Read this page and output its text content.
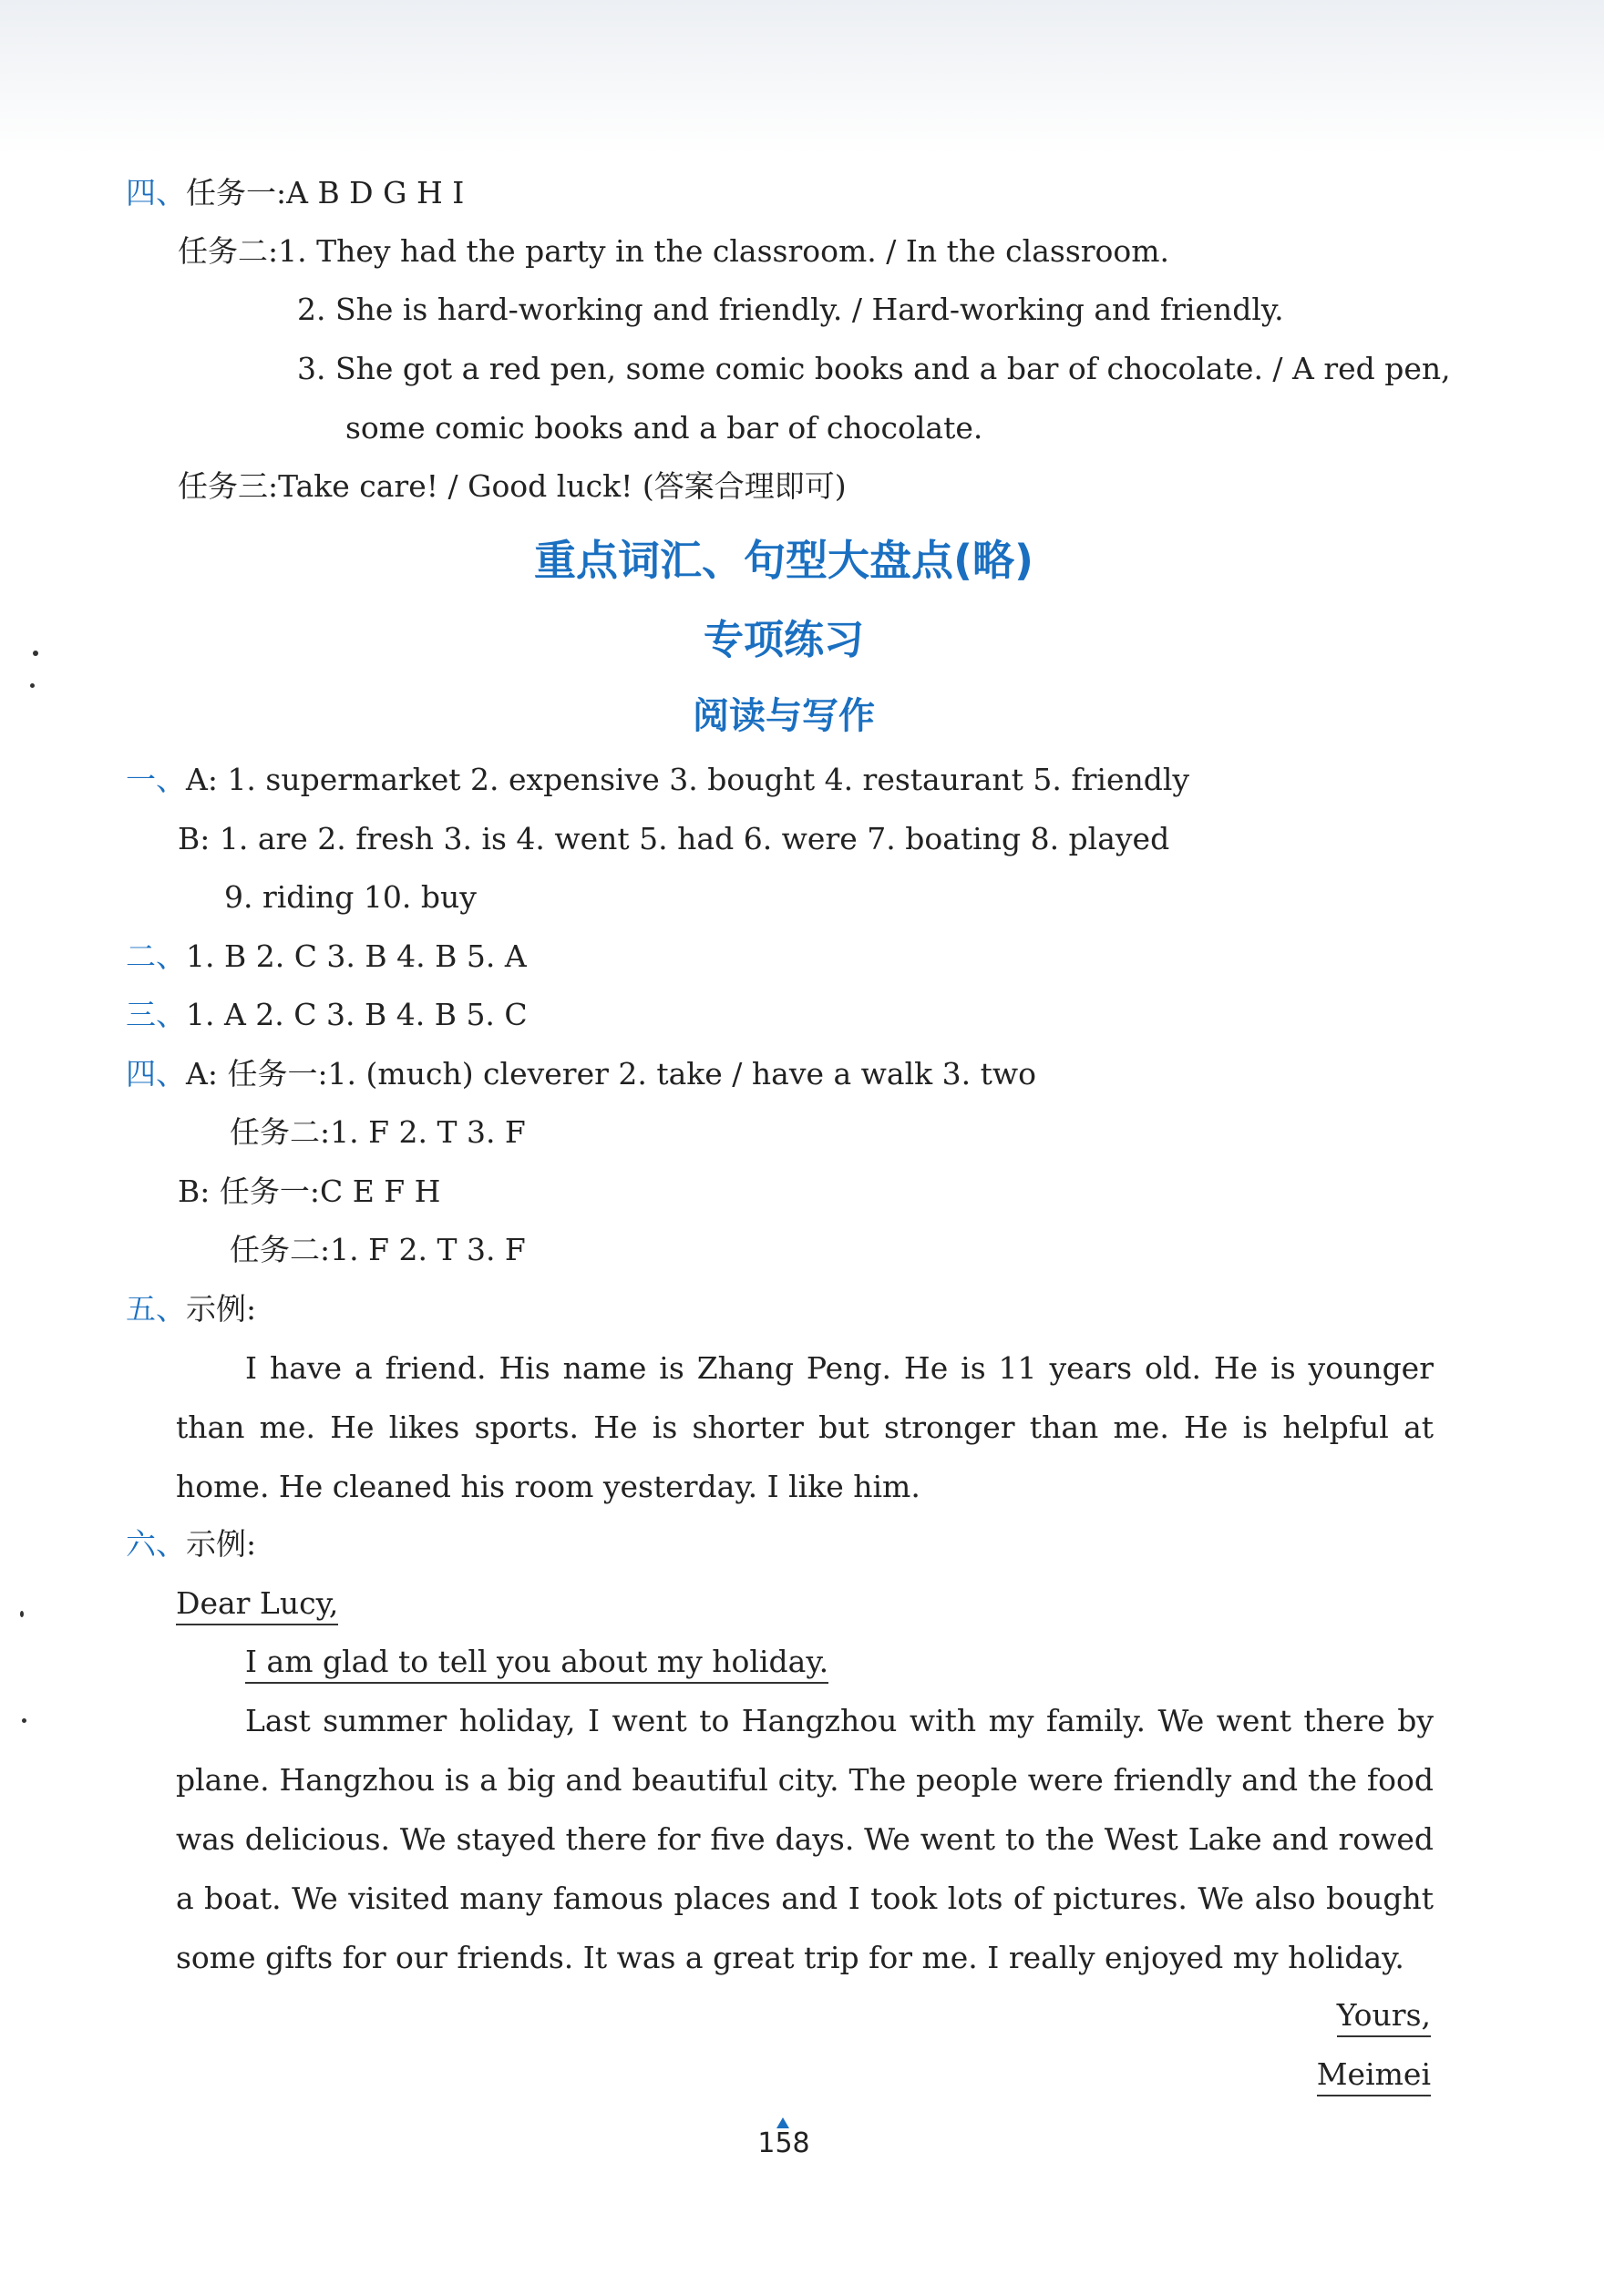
四、任务一:A B D G H I
任务二:1. They had the party in the classroom. / In the classroom.
2. She is hard-working and friendly. / Hard-working and friendly.
3. She got a red pen, some comic books and a bar of chocolate. / A red pen,
some comic books and a bar of chocolate.
任务三:Take care! / Good luck! (答案合理即可)
重点词汇、句型大盘点(略)
专项练习
阅读与写作
一、A: 1. supermarket 2. expensive 3. bought 4. restaurant 5. friendly
B: 1. are 2. fresh 3. is 4. went 5. had 6. were 7. boating 8. played
9. riding 10. buy
二、1. B 2. C 3. B 4. B 5. A
三、1. A 2. C 3. B 4. B 5. C
四、A: 任务一:1. (much) cleverer 2. take / have a walk 3. two
任务二:1. F 2. T 3. F
B: 任务一:C E F H
任务二:1. F 2. T 3. F
五、示例:
I have a friend. His name is Zhang Peng. He is 11 years old. He is younger than me. He likes sports. He is shorter but stronger than me. He is helpful at home. He cleaned his room yesterday. I like him.
六、示例:
Dear Lucy,
I am glad to tell you about my holiday.
Last summer holiday, I went to Hangzhou with my family. We went there by plane. Hangzhou is a big and beautiful city. The people were friendly and the food was delicious. We stayed there for five days. We went to the West Lake and rowed a boat. We visited many famous places and I took lots of pictures. We also bought some gifts for our friends. It was a great trip for me. I really enjoyed my holiday.
Yours,
Meimei
158
